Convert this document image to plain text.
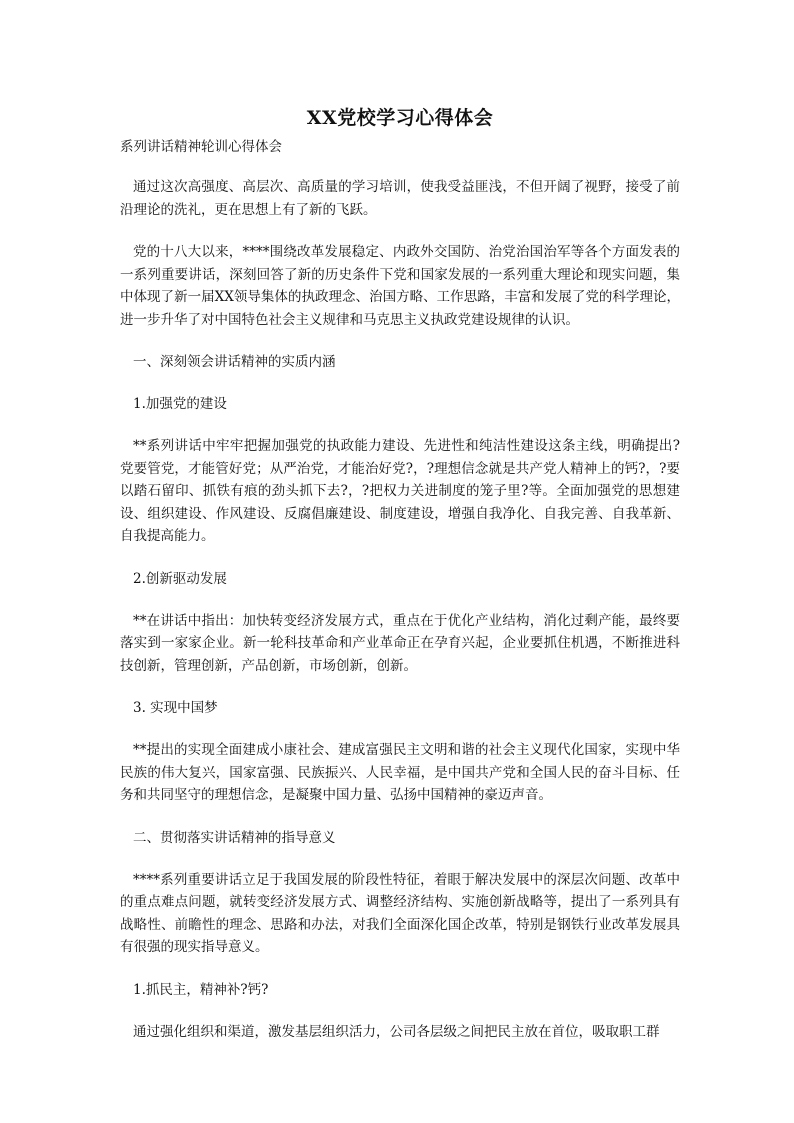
XX党校学习心得体会
系列讲话精神轮训心得体会

通过这次高强度、高层次、高质量的学习培训，使我受益匪浅，不但开阔了视野，接受了前沿理论的洗礼，更在思想上有了新的飞跃。

党的十八大以来，****围绕改革发展稳定、内政外交国防、治党治国治军等各个方面发表的一系列重要讲话，深刻回答了新的历史条件下党和国家发展的一系列重大理论和现实问题，集中体现了新一届XX领导集体的执政理念、治国方略、工作思路，丰富和发展了党的科学理论，进一步升华了对中国特色社会主义规律和马克思主义执政党建设规律的认识。

一、深刻领会讲话精神的实质内涵

1.加强党的建设

**系列讲话中牢牢把握加强党的执政能力建设、先进性和纯洁性建设这条主线，明确提出?党要管党，才能管好党；从严治党，才能治好党?，?理想信念就是共产党人精神上的钙?，?要以踏石留印、抓铁有痕的劲头抓下去?，?把权力关进制度的笼子里?等。全面加强党的思想建设、组织建设、作风建设、反腐倡廉建设、制度建设，增强自我净化、自我完善、自我革新、自我提高能力。

2.创新驱动发展

**在讲话中指出：加快转变经济发展方式，重点在于优化产业结构，消化过剩产能，最终要落实到一家家企业。新一轮科技革命和产业革命正在孕育兴起，企业要抓住机遇，不断推进科技创新，管理创新，产品创新，市场创新，创新。

3. 实现中国梦

**提出的实现全面建成小康社会、建成富强民主文明和谐的社会主义现代化国家，实现中华民族的伟大复兴，国家富强、民族振兴、人民幸福，是中国共产党和全国人民的奋斗目标、任务和共同坚守的理想信念，是凝聚中国力量、弘扬中国精神的豪迈声音。

二、贯彻落实讲话精神的指导意义

****系列重要讲话立足于我国发展的阶段性特征，着眼于解决发展中的深层次问题、改革中的重点难点问题，就转变经济发展方式、调整经济结构、实施创新战略等，提出了一系列具有战略性、前瞻性的理念、思路和办法，对我们全面深化国企改革，特别是钢铁行业改革发展具有很强的现实指导意义。

1.抓民主，精神补?钙?

通过强化组织和渠道，激发基层组织活力，公司各层级之间把民主放在首位，吸取职工群
